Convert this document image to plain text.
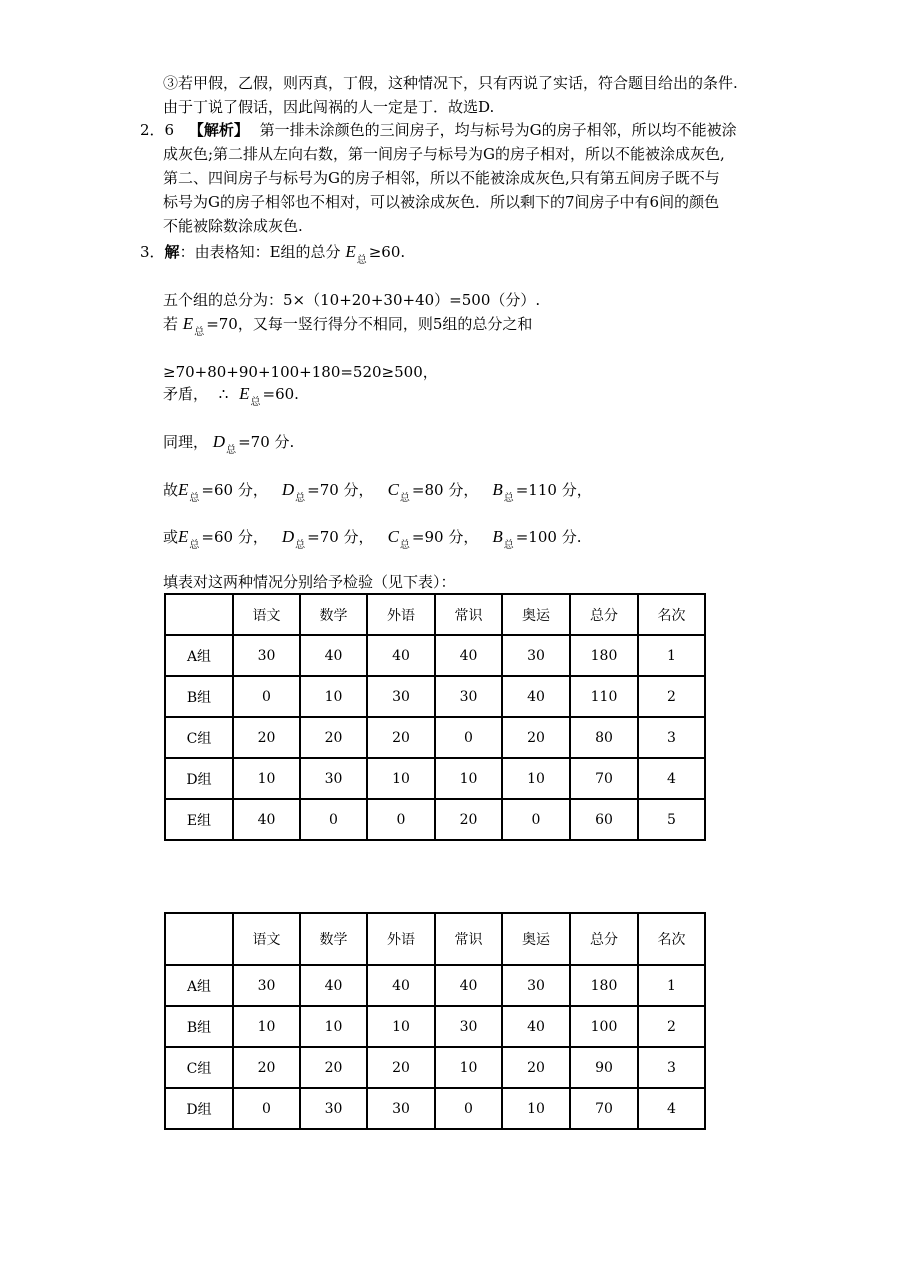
③若甲假，乙假，则丙真，丁假，这种情况下，只有丙说了实话，符合题目给出的条件.
由于丁说了假话，因此闯祸的人一定是丁．故选D.
2．6 【解析】 第一排未涂颜色的三间房子，均与标号为G的房子相邻，所以均不能被涂
成灰色;第二排从左向右数，第一间房子与标号为G的房子相对，所以不能被涂成灰色,
第二、四间房子与标号为G的房子相邻，所以不能被涂成灰色,只有第五间房子既不与
标号为G的房子相邻也不相对，可以被涂成灰色．所以剩下的7间房子中有6间的颜色
不能被除数涂成灰色.
3．解：由表格知：E组的总分 $E_总 \ge 60$.
五个组的总分为：5×（10+20+30+40）=500（分）.
若 $E_总 =70$，又每一竖行得分不相同，则5组的总分之和
≥70+80+90+100+180=520≥500，
矛盾， ∴ $E_总 =60$.
同理， $D_总 =70$ 分.
故$E_总 =60$ 分， $D_总 =70$ 分， $C_总 =80$ 分， $B_总 =110$ 分，
或$E_总 =60$ 分， $D_总 =70$ 分， $C_总 =90$ 分， $B_总 =100$ 分.
填表对这两种情况分别给予检验（见下表）：
	语文	数学	外语	常识	奥运	总分	名次
A组	30	40	40	40	30	180	1
B组	0	10	30	30	40	110	2
C组	20	20	20	0	20	80	3
D组	10	30	10	10	10	70	4
E组	40	0	0	20	0	60	5
	语文	数学	外语	常识	奥运	总分	名次
A组	30	40	40	40	30	180	1
B组	10	10	10	30	40	100	2
C组	20	20	20	10	20	90	3
D组	0	30	30	0	10	70	4
